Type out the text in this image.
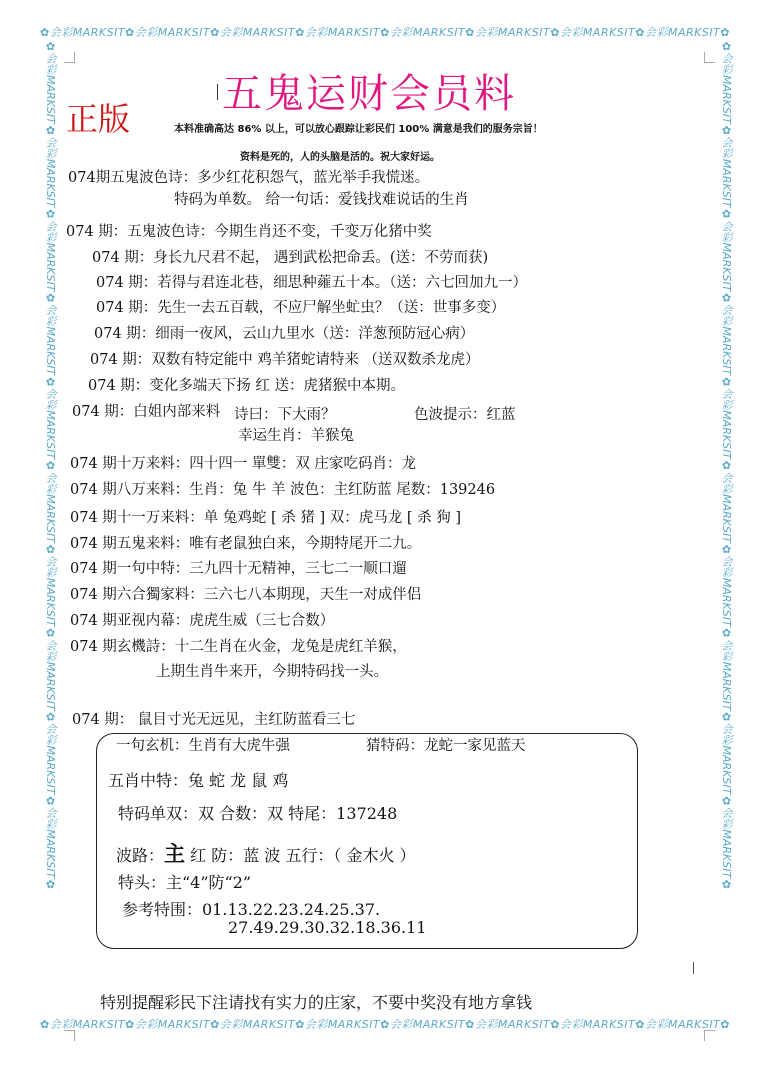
✿会彩MARKSIT✿会彩MARKSIT✿会彩MARKSIT✿会彩MARKSIT✿会彩MARKSIT✿会彩MARKSIT✿会彩MARKSIT✿会彩MARKSIT✿
✿会彩MARKSIT✿会彩MARKSIT✿会彩MARKSIT✿会彩MARKSIT✿会彩MARKSIT✿会彩MARKSIT✿会彩MARKSIT✿会彩MARKSIT✿
✿会彩MARKSIT✿会彩MARKSIT✿会彩MARKSIT✿会彩MARKSIT✿会彩MARKSIT✿会彩MARKSIT✿会彩MARKSIT✿会彩MARKSIT✿会彩MARKSIT✿会彩MARKSIT✿	✿会彩MARKSIT✿会彩MARKSIT✿会彩MARKSIT✿会彩MARKSIT✿会彩MARKSIT✿会彩MARKSIT✿会彩MARKSIT✿会彩MARKSIT✿会彩MARKSIT✿会彩MARKSIT✿
五鬼运财会员料
正版	本料准确高达 86% 以上，可以放心跟踪让彩民们 100% 满意是我们的服务宗旨！
资料是死的，人的头脑是活的。祝大家好运。
074期五鬼波色诗：多少红花积怨气，蓝光举手我慌迷。
特码为单数。 给一句话：爱钱找难说话的生肖
074 期：五鬼波色诗：今期生肖还不变，千变万化猪中奖
074 期：身长九尺君不起， 遇到武松把命丢。(送：不劳而获)
074 期：若得与君连北巷，细思种蕹五十本。（送：六七回加九一）
074 期：先生一去五百载，不应尸解坐虻虫？（送：世事多变）
074 期：细雨一夜风，云山九里水（送：洋葱预防冠心病）
074 期：双数有特定能中 鸡羊猪蛇请特来 （送双数杀龙虎）
074 期：变化多端天下扬 红 送：虎猪猴中本期。
074 期：白姐内部来料 诗曰：下大雨？	色波提示：红蓝
幸运生肖：羊猴兔
074 期十万来料：四十四一 單雙：双 庄家吃码肖：龙
074 期八万来料：生肖：兔 牛 羊 波色：主红防蓝 尾数：139246
074 期十一万来料：单 兔鸡蛇 [ 杀 猪 ] 双：虎马龙 [ 杀 狗 ]
074 期五鬼来料：唯有老鼠独白来，今期特尾开二九。
074 期一句中特：三九四十无精神，三七二一顺口遛
074 期六合獨家料：三六七八本期现，天生一对成伴侣
074 期亚视内幕：虎虎生威（三七合数）
074 期玄機詩：十二生肖在火金，龙兔是虎红羊猴，
上期生肖牛来开，今期特码找一头。
074 期： 鼠目寸光无远见，主红防蓝看三七
一句玄机：生肖有大虎牛强	猜特码：龙蛇一家见蓝天
五肖中特：兔 蛇 龙 鼠 鸡
特码单双：双 合数：双 特尾：137248
波路：主 红 防：蓝 波 五行：（ 金木火 ）
特头：主“4”防“2”
参考特围：01.13.22.23.24.25.37.
27.49.29.30.32.18.36.11
特别提醒彩民下注请找有实力的庄家，不要中奖没有地方拿钱
